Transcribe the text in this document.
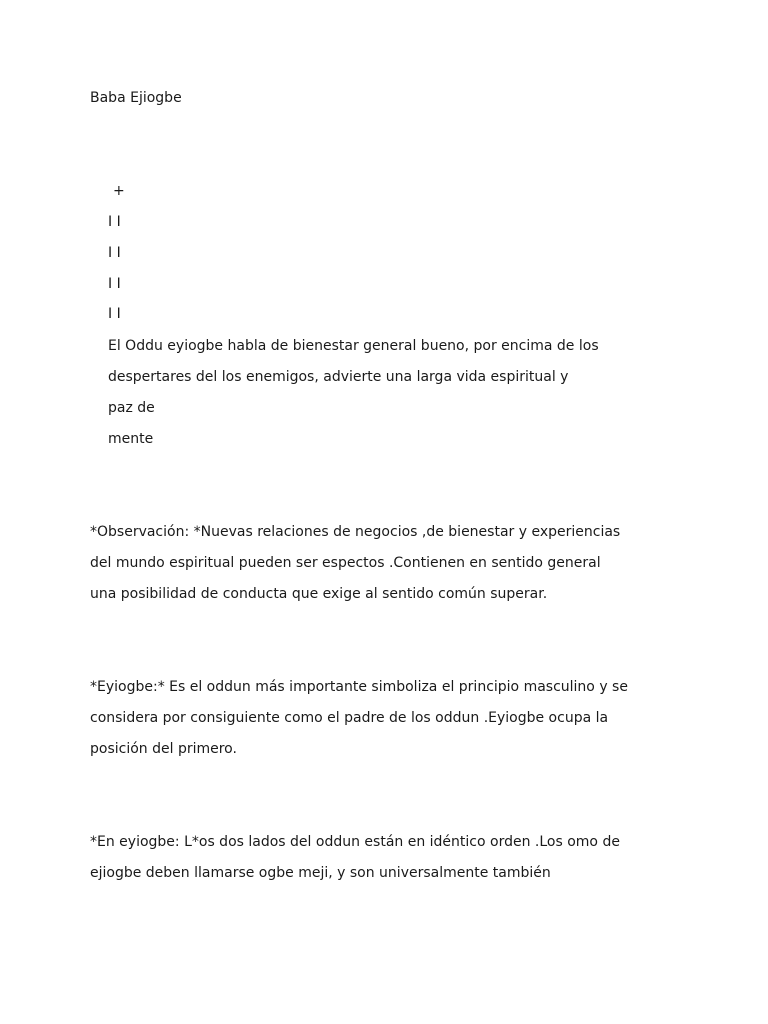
Baba Ejiogbe
+
I I
I I
I I
I I
El Oddu eyiogbe habla de bienestar general bueno, por encima de los
despertares del los enemigos, advierte una larga vida espiritual y
paz de
mente
*Observación: *Nuevas relaciones de negocios ,de bienestar y experiencias
del mundo espiritual pueden ser espectos .Contienen en sentido general
una posibilidad de conducta que exige al sentido común superar.
*Eyiogbe:* Es el oddun más importante simboliza el principio masculino y se
considera por consiguiente como el padre de los oddun .Eyiogbe ocupa la
posición del primero.
*En eyiogbe: L*os dos lados del oddun están en idéntico orden .Los omo de
ejiogbe deben llamarse ogbe meji, y son universalmente también
